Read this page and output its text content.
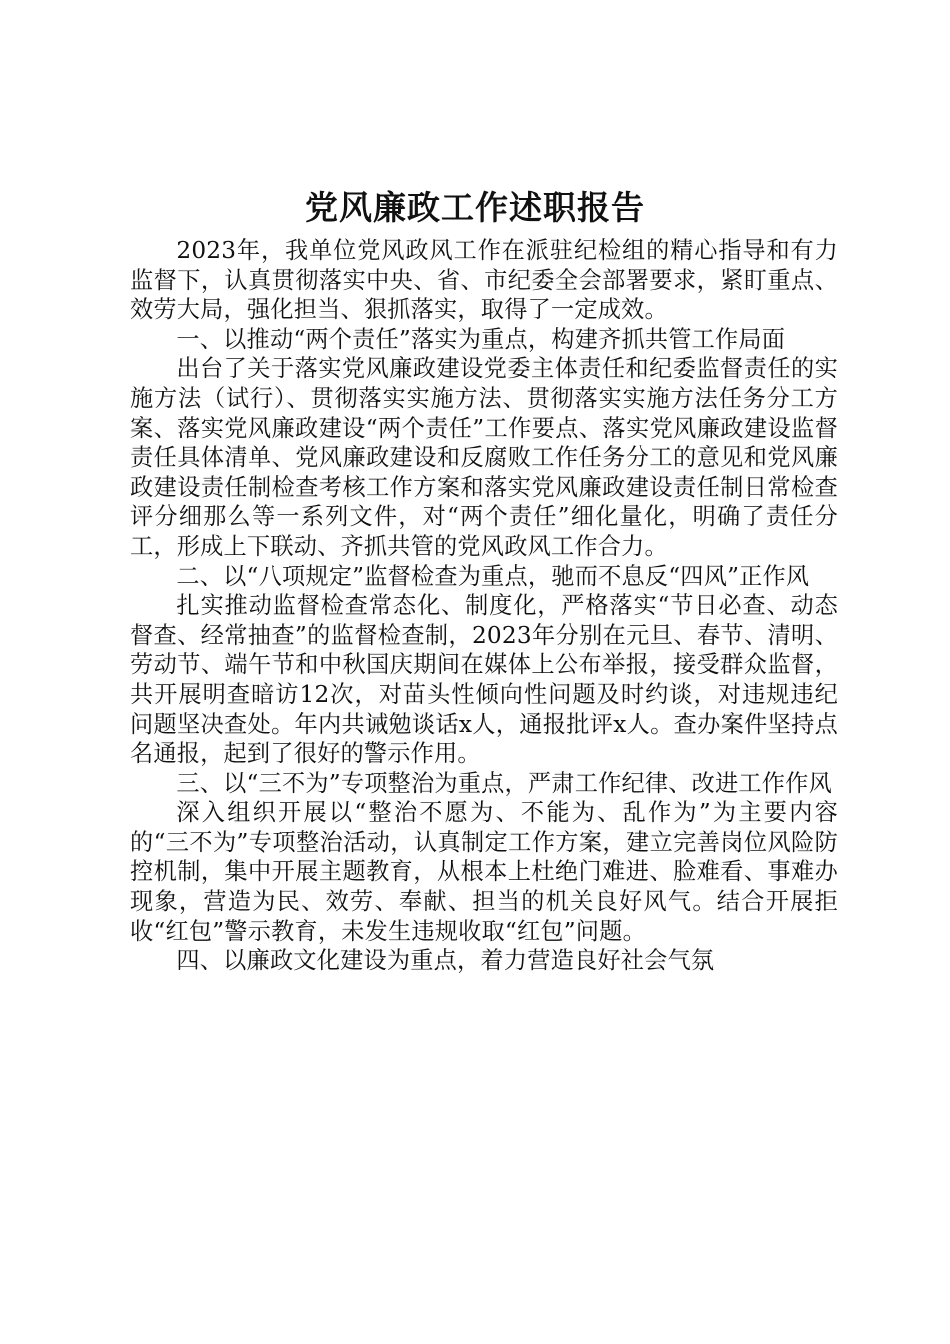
党风廉政工作述职报告

2023年，我单位党风政风工作在派驻纪检组的精心指导和有力监督下，认真贯彻落实中央、省、市纪委全会部署要求，紧盯重点、效劳大局，强化担当、狠抓落实，取得了一定成效。

一、以推动“两个责任”落实为重点，构建齐抓共管工作局面

出台了关于落实党风廉政建设党委主体责任和纪委监督责任的实施方法（试行）、贯彻落实实施方法、贯彻落实实施方法任务分工方案、落实党风廉政建设“两个责任”工作要点、落实党风廉政建设监督责任具体清单、党风廉政建设和反腐败工作任务分工的意见和党风廉政建设责任制检查考核工作方案和落实党风廉政建设责任制日常检查评分细那么等一系列文件，对“两个责任”细化量化，明确了责任分工，形成上下联动、齐抓共管的党风政风工作合力。

二、以“八项规定”监督检查为重点，驰而不息反“四风”正作风

扎实推动监督检查常态化、制度化，严格落实“节日必查、动态督查、经常抽查”的监督检查制，2023年分别在元旦、春节、清明、劳动节、端午节和中秋国庆期间在媒体上公布举报，接受群众监督，共开展明查暗访12次，对苗头性倾向性问题及时约谈，对违规违纪问题坚决查处。年内共诫勉谈话x人，通报批评x人。查办案件坚持点名通报，起到了很好的警示作用。

三、以“三不为”专项整治为重点，严肃工作纪律、改进工作作风

深入组织开展以“整治不愿为、不能为、乱作为”为主要内容的“三不为”专项整治活动，认真制定工作方案，建立完善岗位风险防控机制，集中开展主题教育，从根本上杜绝门难进、脸难看、事难办现象，营造为民、效劳、奉献、担当的机关良好风气。结合开展拒收“红包”警示教育，未发生违规收取“红包”问题。

四、以廉政文化建设为重点，着力营造良好社会气氛
